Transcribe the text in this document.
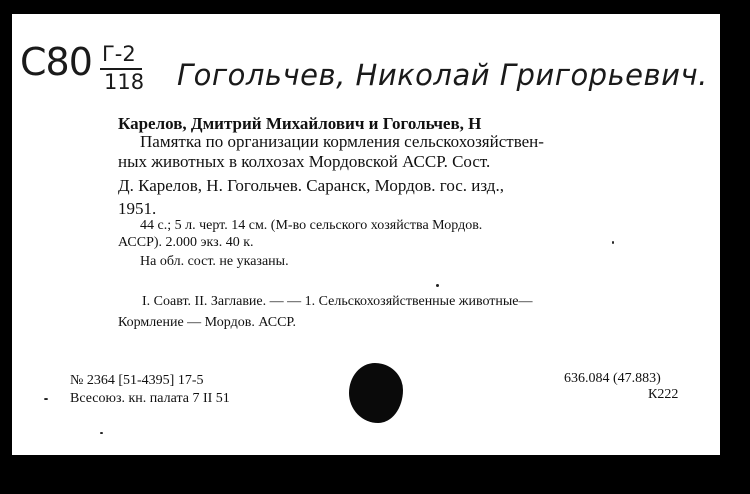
С80 Г-2
118 Гогольчев, Николай Григорьевич.
Карелов, Дмитрий Михайлович и Гогольчев, Н
Памятка по организации кормления сельскохозяйствен-
ных животных в колхозах Мордовской АССР. Сост.
Д. Карелов, Н. Гогольчев. Саранск, Мордов. гос. изд.,
1951.
44 с.; 5 л. черт. 14 см. (М-во сельского хозяйства Мордов.
АССР). 2.000 экз. 40 к.
На обл. сост. не указаны.
I. Соавт. II. Заглавие. — — 1. Сельскохозяйственные животные—
Кормление — Мордов. АССР.
№ 2364 [51-4395] 17-5	636.084 (47.883)
Всесоюз. кн. палата 7 II 51	К222
